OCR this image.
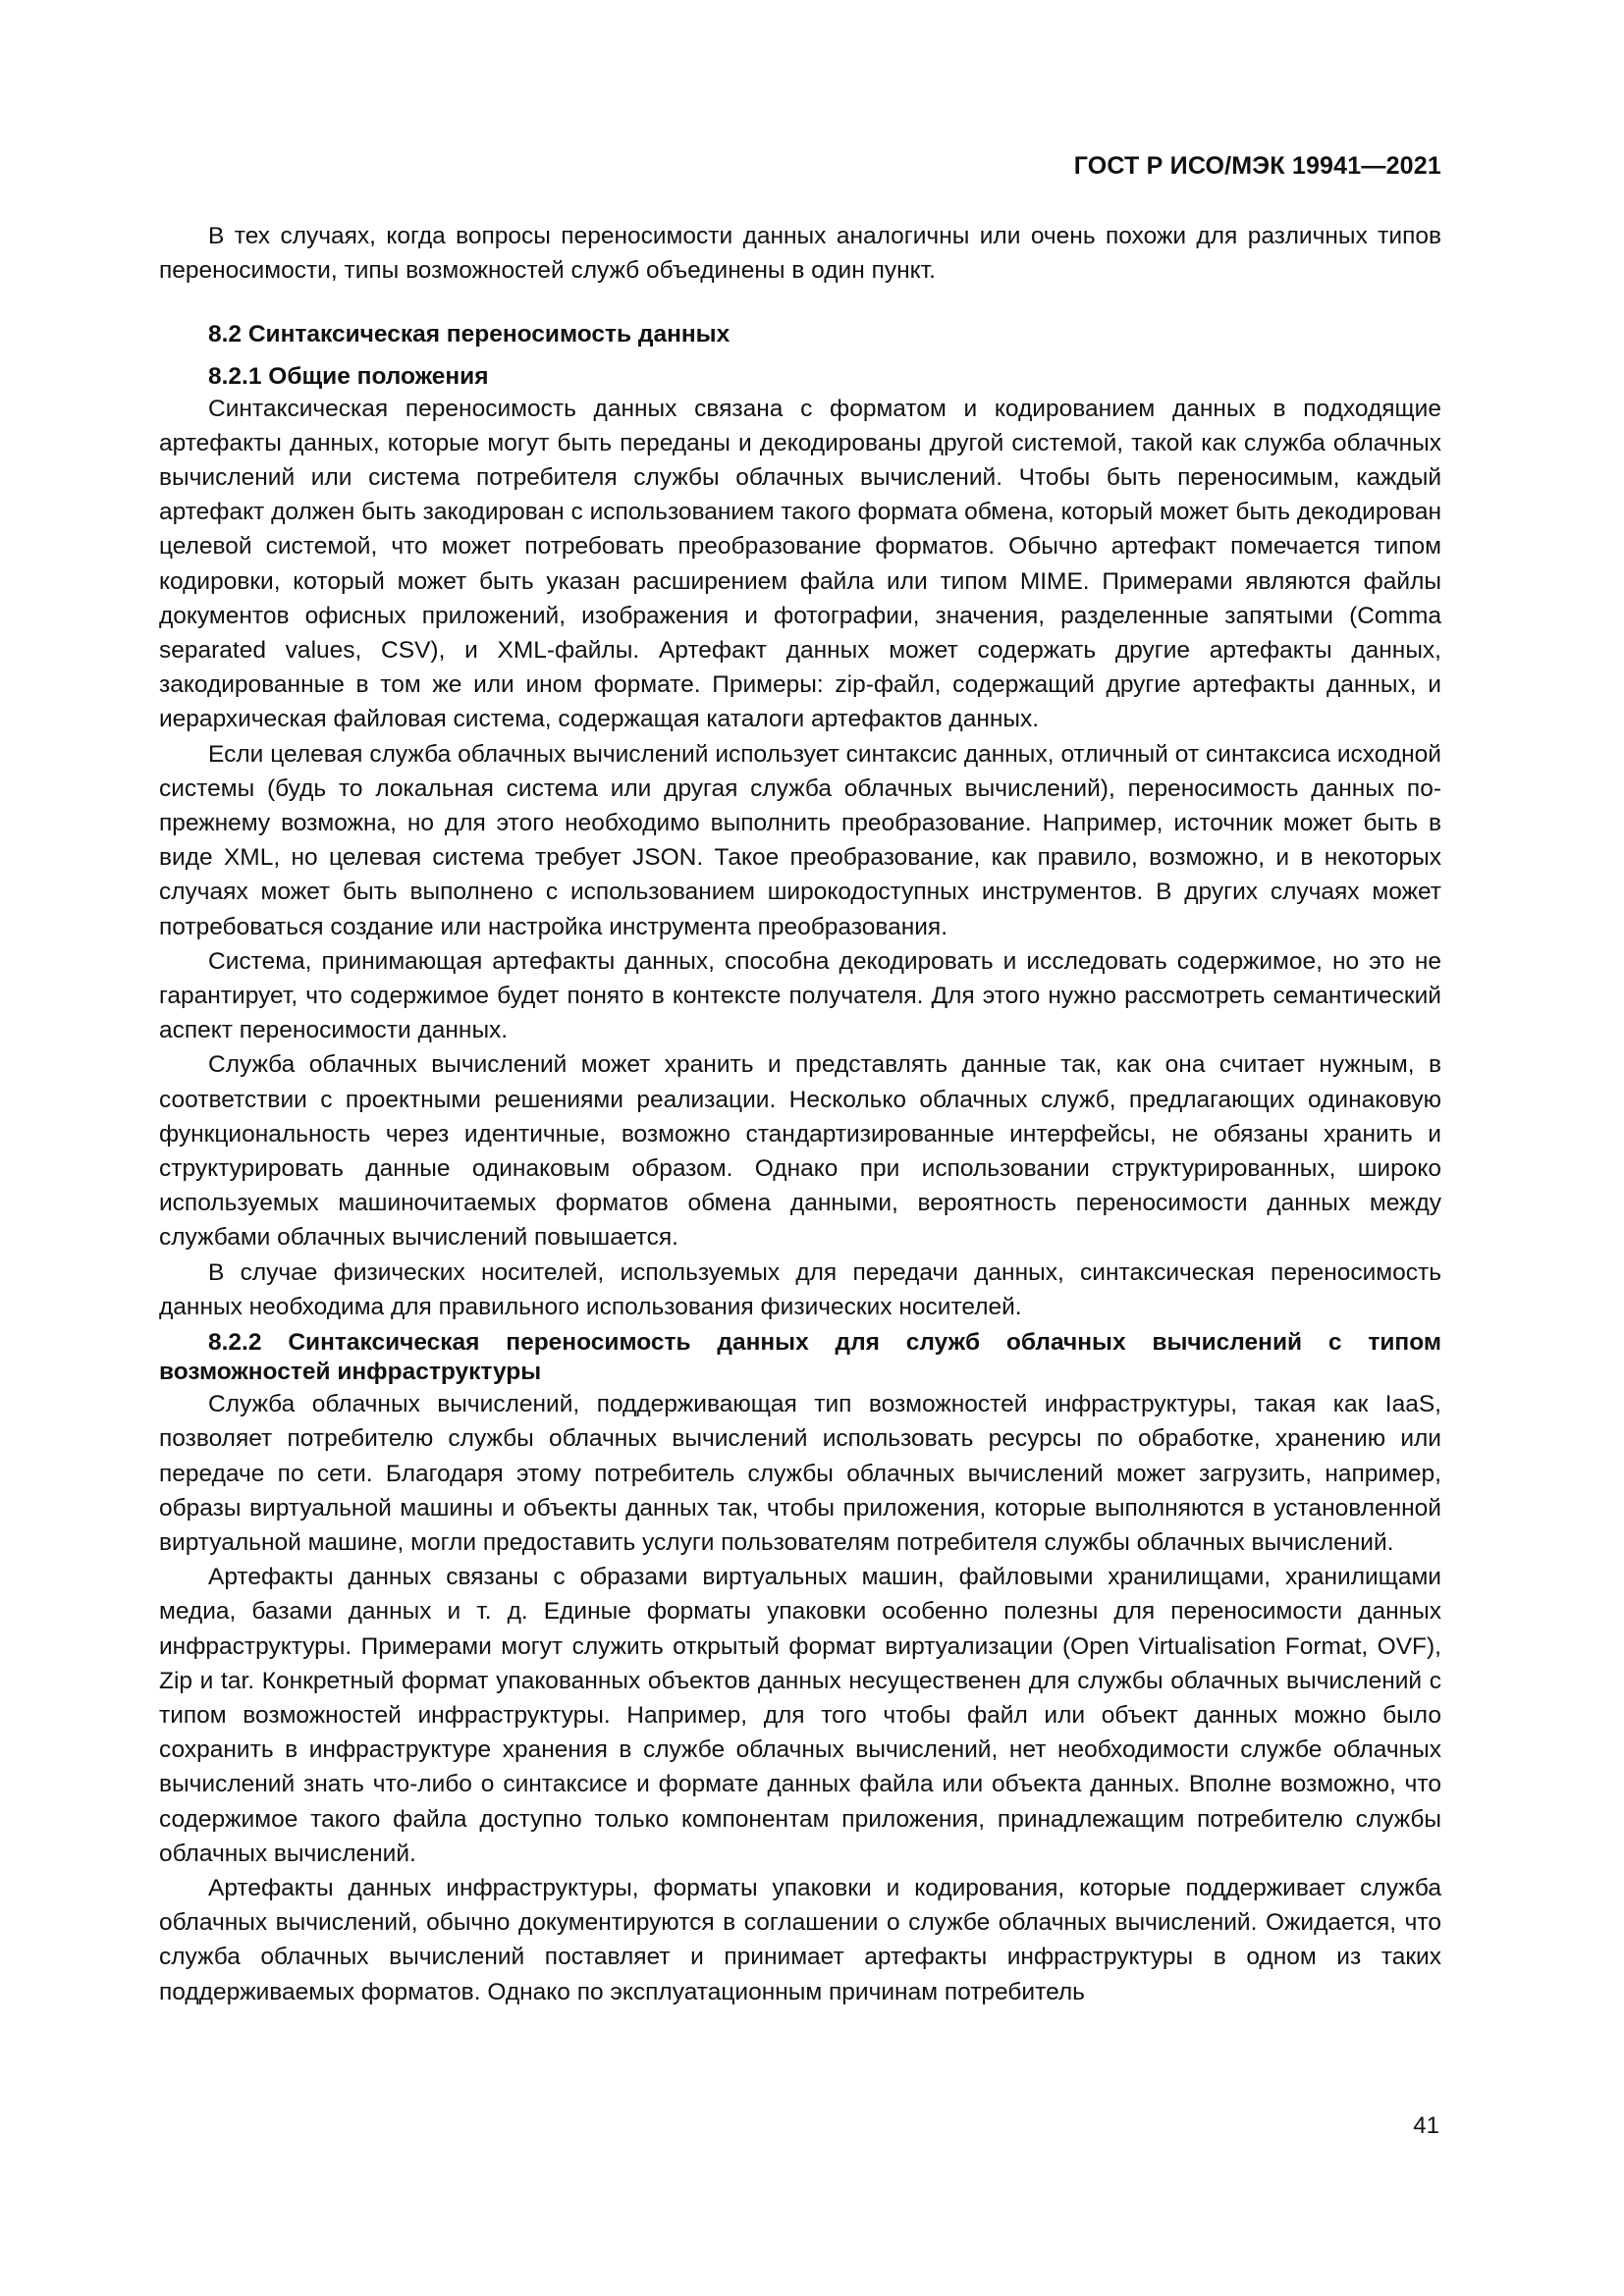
ГОСТ Р ИСО/МЭК 19941—2021

В тех случаях, когда вопросы переносимости данных аналогичны или очень похожи для различных типов переносимости, типы возможностей служб объединены в один пункт.

8.2 Синтаксическая переносимость данных
8.2.1 Общие положения

Синтаксическая переносимость данных связана с форматом и кодированием данных в подходящие артефакты данных, которые могут быть переданы и декодированы другой системой, такой как служба облачных вычислений или система потребителя службы облачных вычислений. Чтобы быть переносимым, каждый артефакт должен быть закодирован с использованием такого формата обмена, который может быть декодирован целевой системой, что может потребовать преобразование форматов. Обычно артефакт помечается типом кодировки, который может быть указан расширением файла или типом MIME. Примерами являются файлы документов офисных приложений, изображения и фотографии, значения, разделенные запятыми (Comma separated values, CSV), и XML-файлы. Артефакт данных может содержать другие артефакты данных, закодированные в том же или ином формате. Примеры: zip-файл, содержащий другие артефакты данных, и иерархическая файловая система, содержащая каталоги артефактов данных.

Если целевая служба облачных вычислений использует синтаксис данных, отличный от синтаксиса исходной системы (будь то локальная система или другая служба облачных вычислений), переносимость данных по-прежнему возможна, но для этого необходимо выполнить преобразование. Например, источник может быть в виде XML, но целевая система требует JSON. Такое преобразование, как правило, возможно, и в некоторых случаях может быть выполнено с использованием широкодоступных инструментов. В других случаях может потребоваться создание или настройка инструмента преобразования.

Система, принимающая артефакты данных, способна декодировать и исследовать содержимое, но это не гарантирует, что содержимое будет понято в контексте получателя. Для этого нужно рассмотреть семантический аспект переносимости данных.

Служба облачных вычислений может хранить и представлять данные так, как она считает нужным, в соответствии с проектными решениями реализации. Несколько облачных служб, предлагающих одинаковую функциональность через идентичные, возможно стандартизированные интерфейсы, не обязаны хранить и структурировать данные одинаковым образом. Однако при использовании структурированных, широко используемых машиночитаемых форматов обмена данными, вероятность переносимости данных между службами облачных вычислений повышается.

В случае физических носителей, используемых для передачи данных, синтаксическая переносимость данных необходима для правильного использования физических носителей.

8.2.2 Синтаксическая переносимость данных для служб облачных вычислений с типом возможностей инфраструктуры

Служба облачных вычислений, поддерживающая тип возможностей инфраструктуры, такая как IaaS, позволяет потребителю службы облачных вычислений использовать ресурсы по обработке, хранению или передаче по сети. Благодаря этому потребитель службы облачных вычислений может загрузить, например, образы виртуальной машины и объекты данных так, чтобы приложения, которые выполняются в установленной виртуальной машине, могли предоставить услуги пользователям потребителя службы облачных вычислений.

Артефакты данных связаны с образами виртуальных машин, файловыми хранилищами, хранилищами медиа, базами данных и т. д. Единые форматы упаковки особенно полезны для переносимости данных инфраструктуры. Примерами могут служить открытый формат виртуализации (Open Virtualisation Format, OVF), Zip и tar. Конкретный формат упакованных объектов данных несущественен для службы облачных вычислений с типом возможностей инфраструктуры. Например, для того чтобы файл или объект данных можно было сохранить в инфраструктуре хранения в службе облачных вычислений, нет необходимости службе облачных вычислений знать что-либо о синтаксисе и формате данных файла или объекта данных. Вполне возможно, что содержимое такого файла доступно только компонентам приложения, принадлежащим потребителю службы облачных вычислений.

Артефакты данных инфраструктуры, форматы упаковки и кодирования, которые поддерживает служба облачных вычислений, обычно документируются в соглашении о службе облачных вычислений. Ожидается, что служба облачных вычислений поставляет и принимает артефакты инфраструктуры в одном из таких поддерживаемых форматов. Однако по эксплуатационным причинам потребитель

41
